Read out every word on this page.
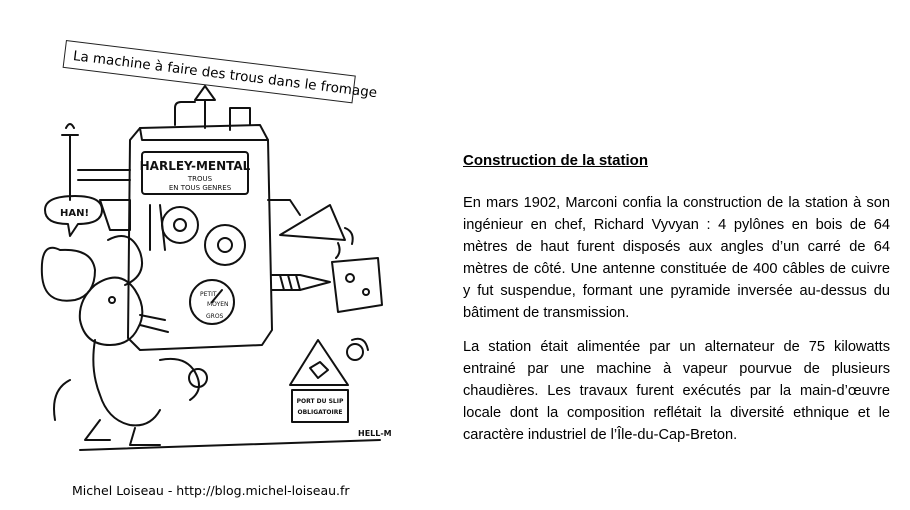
La machine à faire des trous dans le fromage
HARLEY-MENTAL
TROUS
EN TOUS GENRES
PETIT
MOYEN
GROS
PORT DU SLIP
OBLIGATOIRE
HAN!
HELL-M
Construction de la station

En mars 1902, Marconi confia la construction de la station à son ingénieur en chef, Richard Vyvyan : 4 pylônes en bois de 64 mètres de haut furent disposés aux angles d’un carré de 64 mètres de côté. Une antenne constituée de 400 câbles de cuivre y fut suspendue, formant une pyramide inversée au-dessus du bâtiment de transmission.

La station était alimentée par un alternateur de 75 kilowatts entrainé par une machine à vapeur pourvue de plusieurs chaudières. Les travaux furent exécutés par la main-d’œuvre locale dont la composition reflétait la diversité ethnique et le caractère industriel de l’Île-du-Cap-Breton.

Michel Loiseau - http://blog.michel-loiseau.fr
